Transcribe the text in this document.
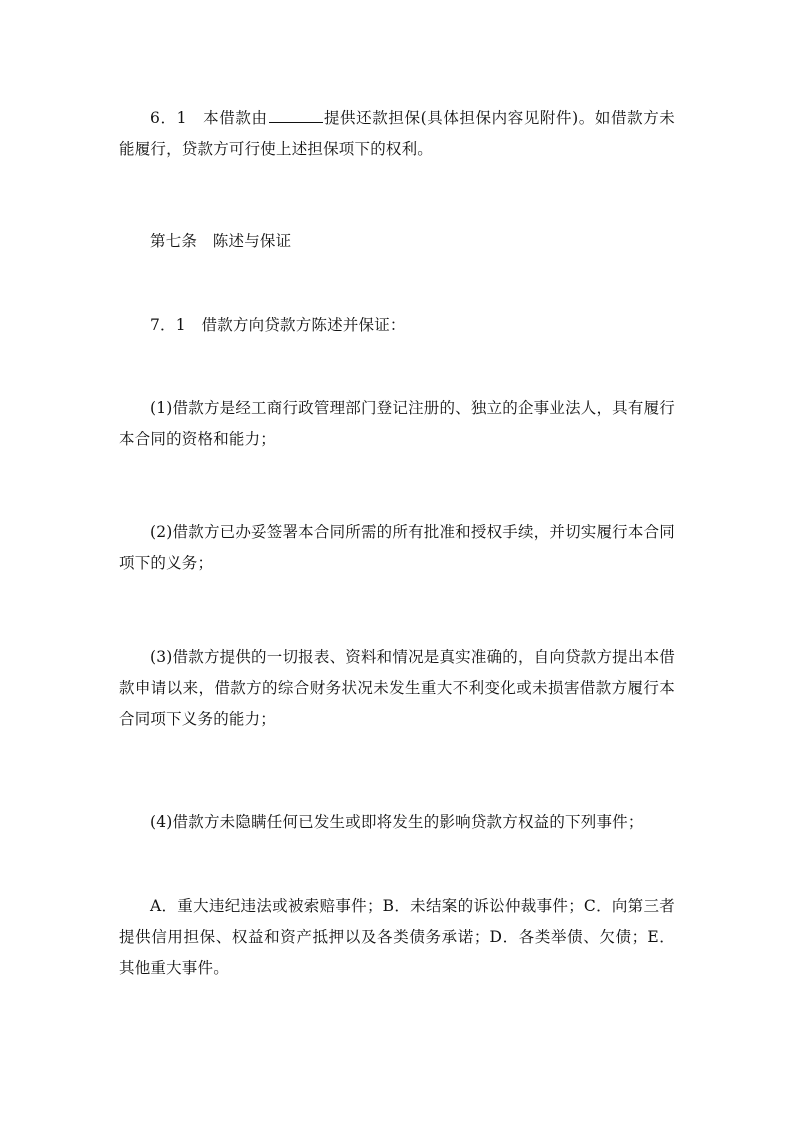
6．1　本借款由	提供还款担保(具体担保内容见附件)。如借款方未能履行，贷款方可行使上述担保项下的权利。

第七条　陈述与保证

7．1　借款方向贷款方陈述并保证：

(1)借款方是经工商行政管理部门登记注册的、独立的企事业法人，具有履行本合同的资格和能力；

(2)借款方已办妥签署本合同所需的所有批准和授权手续，并切实履行本合同项下的义务；

(3)借款方提供的一切报表、资料和情况是真实准确的，自向贷款方提出本借款申请以来，借款方的综合财务状况未发生重大不利变化或未损害借款方履行本合同项下义务的能力；

(4)借款方未隐瞒任何已发生或即将发生的影响贷款方权益的下列事件；

A．重大违纪违法或被索赔事件；B．未结案的诉讼仲裁事件；C．向第三者提供信用担保、权益和资产抵押以及各类债务承诺；D．各类举债、欠债；E．其他重大事件。
